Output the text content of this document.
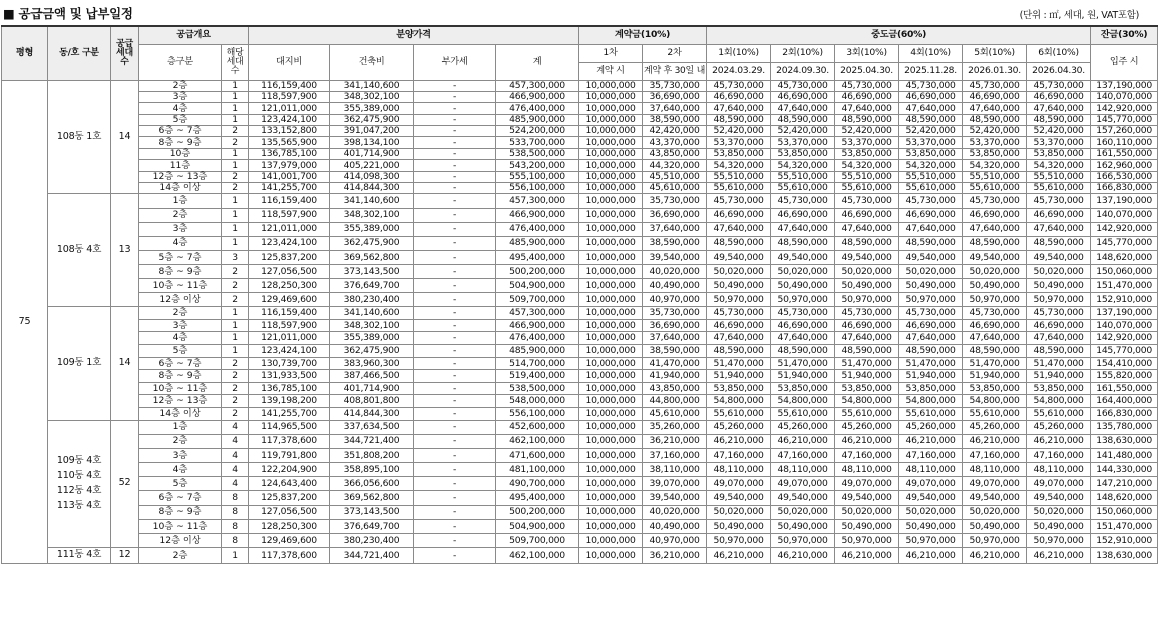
■ 공급금액 및 납부일정	(단위 : ㎡, 세대, 원, VAT포함)
평형	동/호 구분	공급 세대 수	공급개요		분양가격				계약금(10%)		중도금(60%)						잔금(30%)
			층구분	해당 세대 수	대지비	건축비	부가세	계	1차	2차	1회(10%)	2회(10%)	3회(10%)	4회(10%)	5회(10%)	6회(10%)	입주 시
									계약 시	계약 후 30일 내	2024.03.29.	2024.09.30.	2025.04.30.	2025.11.28.	2026.01.30.	2026.04.30.	
75	108동 1호	14	2층	1	116,159,400	341,140,600	-	457,300,000	10,000,000	35,730,000	45,730,000	45,730,000	45,730,000	45,730,000	45,730,000	45,730,000	137,190,000
			3층	1	118,597,900	348,302,100	-	466,900,000	10,000,000	36,690,000	46,690,000	46,690,000	46,690,000	46,690,000	46,690,000	46,690,000	140,070,000
			4층	1	121,011,000	355,389,000	-	476,400,000	10,000,000	37,640,000	47,640,000	47,640,000	47,640,000	47,640,000	47,640,000	47,640,000	142,920,000
			5층	1	123,424,100	362,475,900	-	485,900,000	10,000,000	38,590,000	48,590,000	48,590,000	48,590,000	48,590,000	48,590,000	48,590,000	145,770,000
			6층 ~ 7층	2	133,152,800	391,047,200	-	524,200,000	10,000,000	42,420,000	52,420,000	52,420,000	52,420,000	52,420,000	52,420,000	52,420,000	157,260,000
			8층 ~ 9층	2	135,565,900	398,134,100	-	533,700,000	10,000,000	43,370,000	53,370,000	53,370,000	53,370,000	53,370,000	53,370,000	53,370,000	160,110,000
			10층	1	136,785,100	401,714,900	-	538,500,000	10,000,000	43,850,000	53,850,000	53,850,000	53,850,000	53,850,000	53,850,000	53,850,000	161,550,000
			11층	1	137,979,000	405,221,000	-	543,200,000	10,000,000	44,320,000	54,320,000	54,320,000	54,320,000	54,320,000	54,320,000	54,320,000	162,960,000
			12층 ~ 13층	2	141,001,700	414,098,300	-	555,100,000	10,000,000	45,510,000	55,510,000	55,510,000	55,510,000	55,510,000	55,510,000	55,510,000	166,530,000
			14층 이상	2	141,255,700	414,844,300	-	556,100,000	10,000,000	45,610,000	55,610,000	55,610,000	55,610,000	55,610,000	55,610,000	55,610,000	166,830,000
	108동 4호	13	1층	1	116,159,400	341,140,600	-	457,300,000	10,000,000	35,730,000	45,730,000	45,730,000	45,730,000	45,730,000	45,730,000	45,730,000	137,190,000
			2층	1	118,597,900	348,302,100	-	466,900,000	10,000,000	36,690,000	46,690,000	46,690,000	46,690,000	46,690,000	46,690,000	46,690,000	140,070,000
			3층	1	121,011,000	355,389,000	-	476,400,000	10,000,000	37,640,000	47,640,000	47,640,000	47,640,000	47,640,000	47,640,000	47,640,000	142,920,000
			4층	1	123,424,100	362,475,900	-	485,900,000	10,000,000	38,590,000	48,590,000	48,590,000	48,590,000	48,590,000	48,590,000	48,590,000	145,770,000
			5층 ~ 7층	3	125,837,200	369,562,800	-	495,400,000	10,000,000	39,540,000	49,540,000	49,540,000	49,540,000	49,540,000	49,540,000	49,540,000	148,620,000
			8층 ~ 9층	2	127,056,500	373,143,500	-	500,200,000	10,000,000	40,020,000	50,020,000	50,020,000	50,020,000	50,020,000	50,020,000	50,020,000	150,060,000
			10층 ~ 11층	2	128,250,300	376,649,700	-	504,900,000	10,000,000	40,490,000	50,490,000	50,490,000	50,490,000	50,490,000	50,490,000	50,490,000	151,470,000
			12층 이상	2	129,469,600	380,230,400	-	509,700,000	10,000,000	40,970,000	50,970,000	50,970,000	50,970,000	50,970,000	50,970,000	50,970,000	152,910,000
	109동 1호	14	2층	1	116,159,400	341,140,600	-	457,300,000	10,000,000	35,730,000	45,730,000	45,730,000	45,730,000	45,730,000	45,730,000	45,730,000	137,190,000
			3층	1	118,597,900	348,302,100	-	466,900,000	10,000,000	36,690,000	46,690,000	46,690,000	46,690,000	46,690,000	46,690,000	46,690,000	140,070,000
			4층	1	121,011,000	355,389,000	-	476,400,000	10,000,000	37,640,000	47,640,000	47,640,000	47,640,000	47,640,000	47,640,000	47,640,000	142,920,000
			5층	1	123,424,100	362,475,900	-	485,900,000	10,000,000	38,590,000	48,590,000	48,590,000	48,590,000	48,590,000	48,590,000	48,590,000	145,770,000
			6층 ~ 7층	2	130,739,700	383,960,300	-	514,700,000	10,000,000	41,470,000	51,470,000	51,470,000	51,470,000	51,470,000	51,470,000	51,470,000	154,410,000
			8층 ~ 9층	2	131,933,500	387,466,500	-	519,400,000	10,000,000	41,940,000	51,940,000	51,940,000	51,940,000	51,940,000	51,940,000	51,940,000	155,820,000
			10층 ~ 11층	2	136,785,100	401,714,900	-	538,500,000	10,000,000	43,850,000	53,850,000	53,850,000	53,850,000	53,850,000	53,850,000	53,850,000	161,550,000
			12층 ~ 13층	2	139,198,200	408,801,800	-	548,000,000	10,000,000	44,800,000	54,800,000	54,800,000	54,800,000	54,800,000	54,800,000	54,800,000	164,400,000
			14층 이상	2	141,255,700	414,844,300	-	556,100,000	10,000,000	45,610,000	55,610,000	55,610,000	55,610,000	55,610,000	55,610,000	55,610,000	166,830,000
	109동 4호 110동 4호 112동 4호 113동 4호	52	1층	4	114,965,500	337,634,500	-	452,600,000	10,000,000	35,260,000	45,260,000	45,260,000	45,260,000	45,260,000	45,260,000	45,260,000	135,780,000
			2층	4	117,378,600	344,721,400	-	462,100,000	10,000,000	36,210,000	46,210,000	46,210,000	46,210,000	46,210,000	46,210,000	46,210,000	138,630,000
			3층	4	119,791,800	351,808,200	-	471,600,000	10,000,000	37,160,000	47,160,000	47,160,000	47,160,000	47,160,000	47,160,000	47,160,000	141,480,000
			4층	4	122,204,900	358,895,100	-	481,100,000	10,000,000	38,110,000	48,110,000	48,110,000	48,110,000	48,110,000	48,110,000	48,110,000	144,330,000
			5층	4	124,643,400	366,056,600	-	490,700,000	10,000,000	39,070,000	49,070,000	49,070,000	49,070,000	49,070,000	49,070,000	49,070,000	147,210,000
			6층 ~ 7층	8	125,837,200	369,562,800	-	495,400,000	10,000,000	39,540,000	49,540,000	49,540,000	49,540,000	49,540,000	49,540,000	49,540,000	148,620,000
			8층 ~ 9층	8	127,056,500	373,143,500	-	500,200,000	10,000,000	40,020,000	50,020,000	50,020,000	50,020,000	50,020,000	50,020,000	50,020,000	150,060,000
			10층 ~ 11층	8	128,250,300	376,649,700	-	504,900,000	10,000,000	40,490,000	50,490,000	50,490,000	50,490,000	50,490,000	50,490,000	50,490,000	151,470,000
			12층 이상	8	129,469,600	380,230,400	-	509,700,000	10,000,000	40,970,000	50,970,000	50,970,000	50,970,000	50,970,000	50,970,000	50,970,000	152,910,000
	111동 4호	12	2층	1	117,378,600	344,721,400	-	462,100,000	10,000,000	36,210,000	46,210,000	46,210,000	46,210,000	46,210,000	46,210,000	46,210,000	138,630,000
